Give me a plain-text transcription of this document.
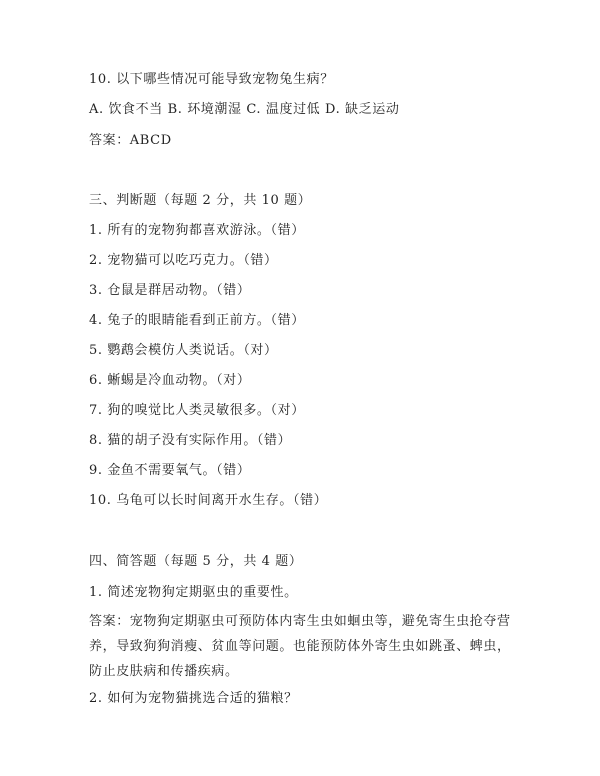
10. 以下哪些情况可能导致宠物兔生病？
A. 饮食不当 B. 环境潮湿 C. 温度过低 D. 缺乏运动
答案：ABCD
三、判断题（每题 2 分，共 10 题）
1. 所有的宠物狗都喜欢游泳。（错）
2. 宠物猫可以吃巧克力。（错）
3. 仓鼠是群居动物。（错）
4. 兔子的眼睛能看到正前方。（错）
5. 鹦鹉会模仿人类说话。（对）
6. 蜥蜴是冷血动物。（对）
7. 狗的嗅觉比人类灵敏很多。（对）
8. 猫的胡子没有实际作用。（错）
9. 金鱼不需要氧气。（错）
10. 乌龟可以长时间离开水生存。（错）
四、简答题（每题 5 分，共 4 题）
1. 简述宠物狗定期驱虫的重要性。
答案：宠物狗定期驱虫可预防体内寄生虫如蛔虫等，避免寄生虫抢夺营养，导致狗狗消瘦、贫血等问题。也能预防体外寄生虫如跳蚤、蜱虫，防止皮肤病和传播疾病。
2. 如何为宠物猫挑选合适的猫粮？
